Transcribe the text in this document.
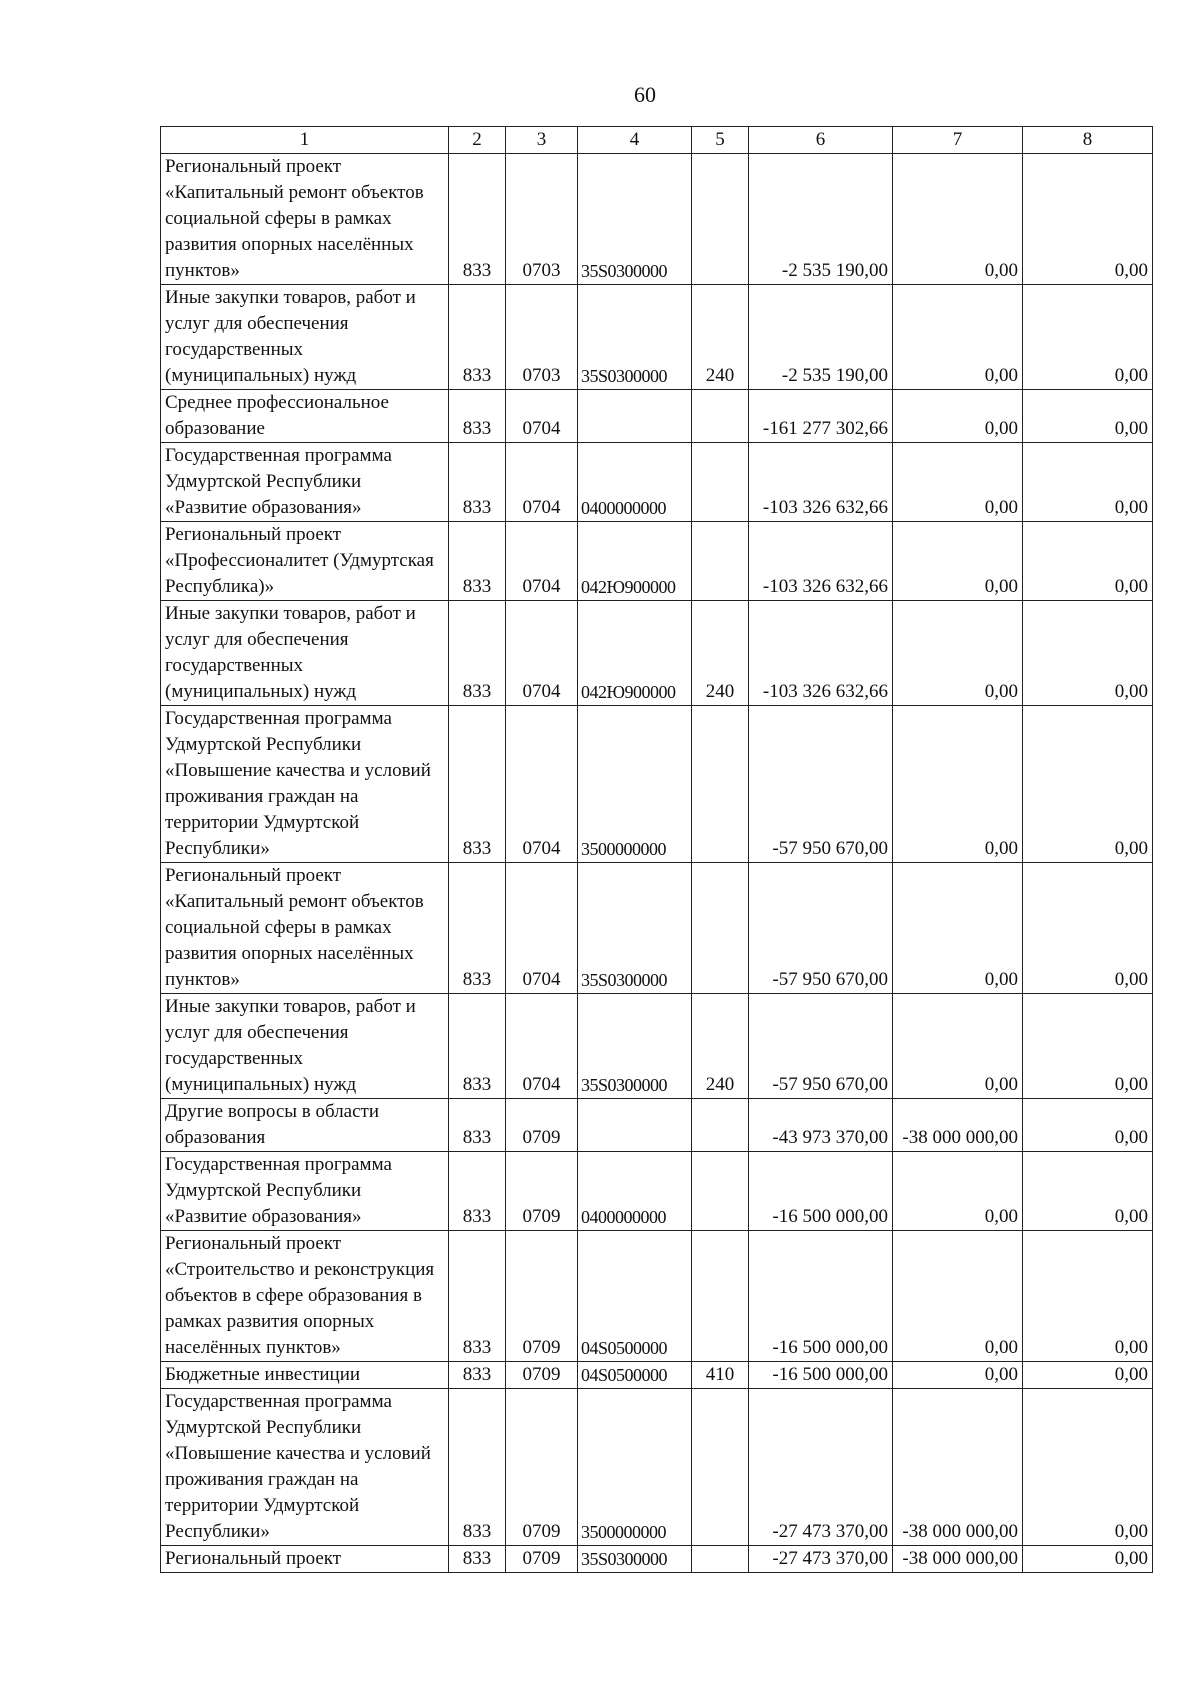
60
1	2	3	4	5	6	7	8
Региональный проект «Капитальный ремонт объектов социальной сферы в рамках развития опорных населённых пунктов»	833	0703	35S0300000		-2 535 190,00	0,00	0,00
Иные закупки товаров, работ и услуг для обеспечения государственных (муниципальных) нужд	833	0703	35S0300000	240	-2 535 190,00	0,00	0,00
Среднее профессиональное образование	833	0704			-161 277 302,66	0,00	0,00
Государственная программа Удмуртской Республики «Развитие образования»	833	0704	0400000000		-103 326 632,66	0,00	0,00
Региональный проект «Профессионалитет (Удмуртская Республика)»	833	0704	042Ю900000		-103 326 632,66	0,00	0,00
Иные закупки товаров, работ и услуг для обеспечения государственных (муниципальных) нужд	833	0704	042Ю900000	240	-103 326 632,66	0,00	0,00
Государственная программа Удмуртской Республики «Повышение качества и условий проживания граждан на территории Удмуртской Республики»	833	0704	3500000000		-57 950 670,00	0,00	0,00
Региональный проект «Капитальный ремонт объектов социальной сферы в рамках развития опорных населённых пунктов»	833	0704	35S0300000		-57 950 670,00	0,00	0,00
Иные закупки товаров, работ и услуг для обеспечения государственных (муниципальных) нужд	833	0704	35S0300000	240	-57 950 670,00	0,00	0,00
Другие вопросы в области образования	833	0709			-43 973 370,00	-38 000 000,00	0,00
Государственная программа Удмуртской Республики «Развитие образования»	833	0709	0400000000		-16 500 000,00	0,00	0,00
Региональный проект «Строительство и реконструкция объектов в сфере образования в рамках развития опорных населённых пунктов»	833	0709	04S0500000		-16 500 000,00	0,00	0,00
Бюджетные инвестиции	833	0709	04S0500000	410	-16 500 000,00	0,00	0,00
Государственная программа Удмуртской Республики «Повышение качества и условий проживания граждан на территории Удмуртской Республики»	833	0709	3500000000		-27 473 370,00	-38 000 000,00	0,00
Региональный проект	833	0709	35S0300000		-27 473 370,00	-38 000 000,00	0,00
